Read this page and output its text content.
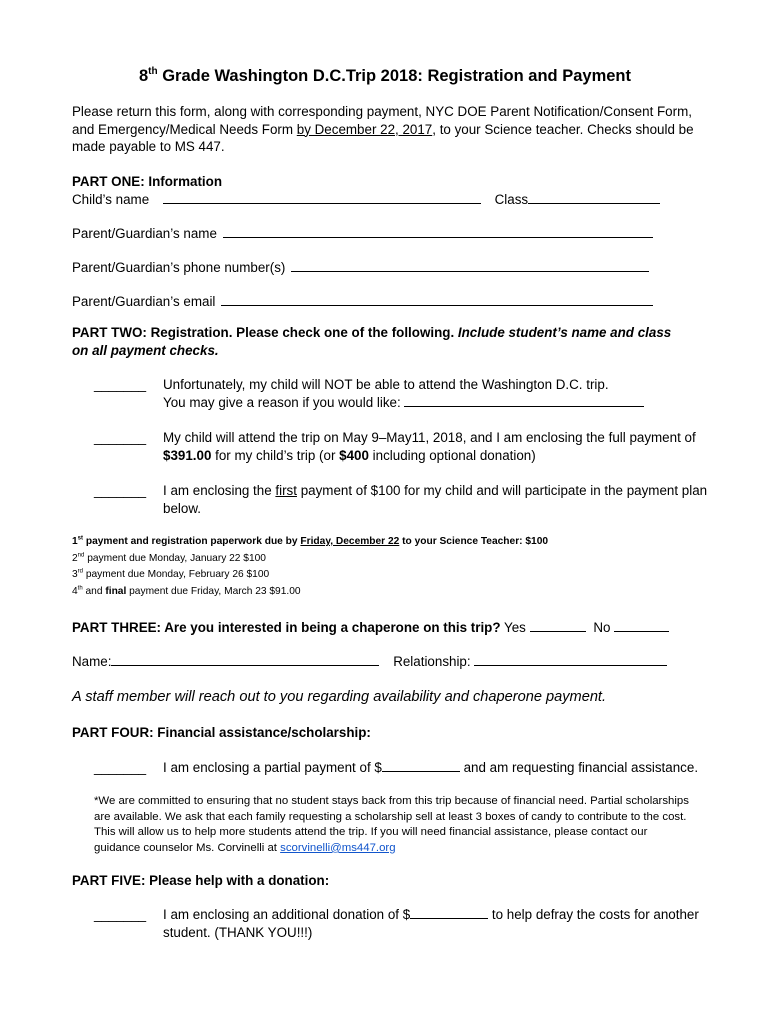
8th Grade Washington D.C.Trip 2018: Registration and Payment
Please return this form, along with corresponding payment, NYC DOE Parent Notification/Consent Form, and Emergency/Medical Needs Form by December 22, 2017, to your Science teacher. Checks should be made payable to MS 447.
PART ONE: Information
Child’s name	Class
Parent/Guardian’s name
Parent/Guardian’s phone number(s)
Parent/Guardian’s email
PART TWO: Registration. Please check one of the following. Include student’s name and class on all payment checks.
_______ Unfortunately, my child will NOT be able to attend the Washington D.C. trip.
You may give a reason if you would like:
_______ My child will attend the trip on May 9–May11, 2018, and I am enclosing the full payment of $391.00 for my child’s trip (or $400 including optional donation)
_______ I am enclosing the first payment of $100 for my child and will participate in the payment plan below.
1st payment and registration paperwork due by Friday, December 22 to your Science Teacher: $100
2nd payment due Monday, January 22 $100
3rd payment due Monday, February 26 $100
4th and final payment due Friday, March 23 $91.00
PART THREE: Are you interested in being a chaperone on this trip? Yes	No
Name:	Relationship:
A staff member will reach out to you regarding availability and chaperone payment.
PART FOUR: Financial assistance/scholarship:
_______ I am enclosing a partial payment of $	and am requesting financial assistance.
*We are committed to ensuring that no student stays back from this trip because of financial need. Partial scholarships are available. We ask that each family requesting a scholarship sell at least 3 boxes of candy to contribute to the cost. This will allow us to help more students attend the trip. If you will need financial assistance, please contact our guidance counselor Ms. Corvinelli at scorvinelli@ms447.org
PART FIVE: Please help with a donation:
_______ I am enclosing an additional donation of $	to help defray the costs for another student. (THANK YOU!!!)
